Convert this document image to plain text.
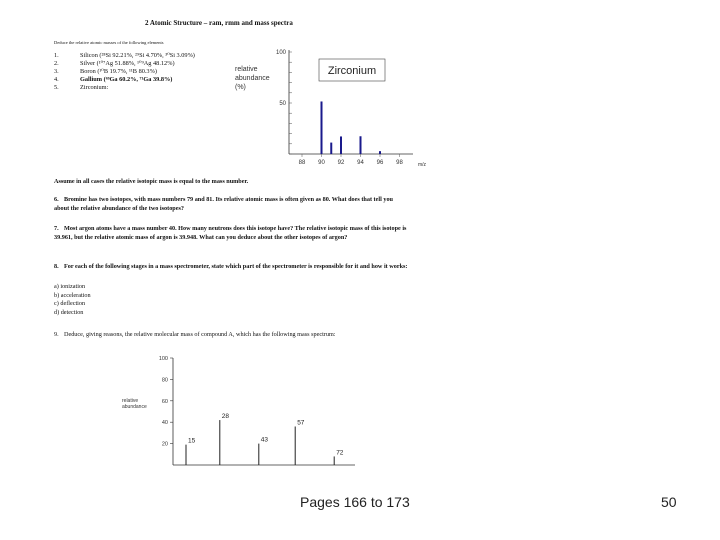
2 Atomic Structure – ram, rmm and mass spectra
Deduce the relative atomic masses of the following elements
1.	Silicon (²⁸Si 92.21%, ²⁹Si 4.70%, ³⁰Si 3.09%)
2.	Silver (¹⁰⁷Ag 51.88%, ¹⁰⁹Ag 48.12%)
3.	Boron (¹⁰B 19.7%, ¹¹B 80.3%)
4.	Gallium (⁶⁹Ga 60.2%, ⁷¹Ga 39.8%)
5.	Zirconium:
50
100
88 90 92 94 96 98	m/z
relative
abundance
(%)
Zirconium
Assume in all cases the relative isotopic mass is equal to the mass number.
6. Bromine has two isotopes, with mass numbers 79 and 81. Its relative atomic mass is often given as 80. What does that tell you about the relative abundance of the two isotopes?
7. Most argon atoms have a mass number 40. How many neutrons does this isotope have? The relative isotopic mass of this isotope is 39.961, but the relative atomic mass of argon is 39.948. What can you deduce about the other isotopes of argon?
8. For each of the following stages in a mass spectrometer, state which part of the spectrometer is responsible for it and how it works:
a) ionization
b) acceleration
c) deflection
d) detection
9. Deduce, giving reasons, the relative molecular mass of compound A, which has the following mass spectrum:
20
40
60
80
100
relative
abundance
15
28
43
57
72
Pages 166 to 173	50
